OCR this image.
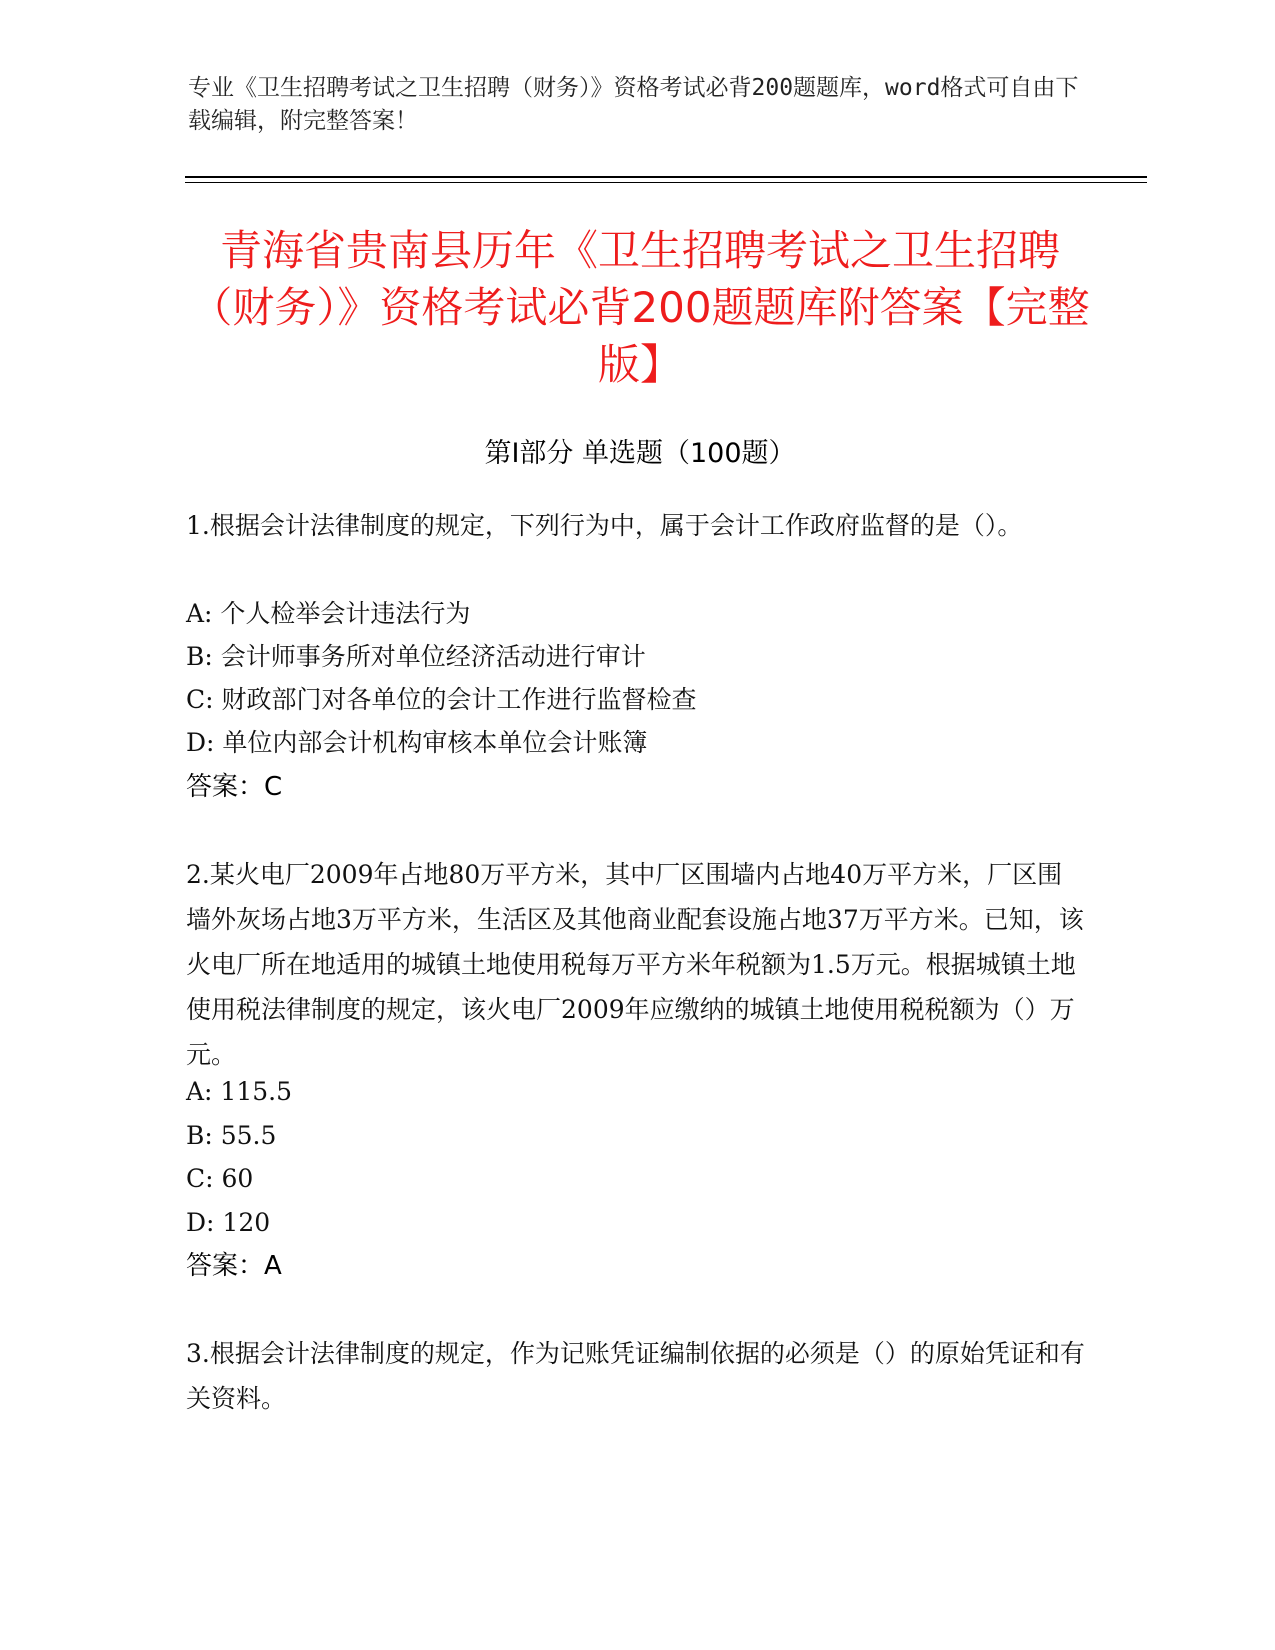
专业《卫生招聘考试之卫生招聘（财务）》资格考试必背200题题库，word格式可自由下载编辑，附完整答案！
青海省贵南县历年《卫生招聘考试之卫生招聘（财务）》资格考试必背200题题库附答案【完整版】
第Ⅰ部分 单选题（100题）
1.根据会计法律制度的规定，下列行为中，属于会计工作政府监督的是（）。
A: 个人检举会计违法行为
B: 会计师事务所对单位经济活动进行审计
C: 财政部门对各单位的会计工作进行监督检查
D: 单位内部会计机构审核本单位会计账簿
答案：C
2.某火电厂2009年占地80万平方米，其中厂区围墙内占地40万平方米，厂区围墙外灰场占地3万平方米，生活区及其他商业配套设施占地37万平方米。已知，该火电厂所在地适用的城镇土地使用税每万平方米年税额为1.5万元。根据城镇土地使用税法律制度的规定，该火电厂2009年应缴纳的城镇土地使用税税额为（）万元。
A: 115.5
B: 55.5
C: 60
D: 120
答案：A
3.根据会计法律制度的规定，作为记账凭证编制依据的必须是（）的原始凭证和有关资料。
